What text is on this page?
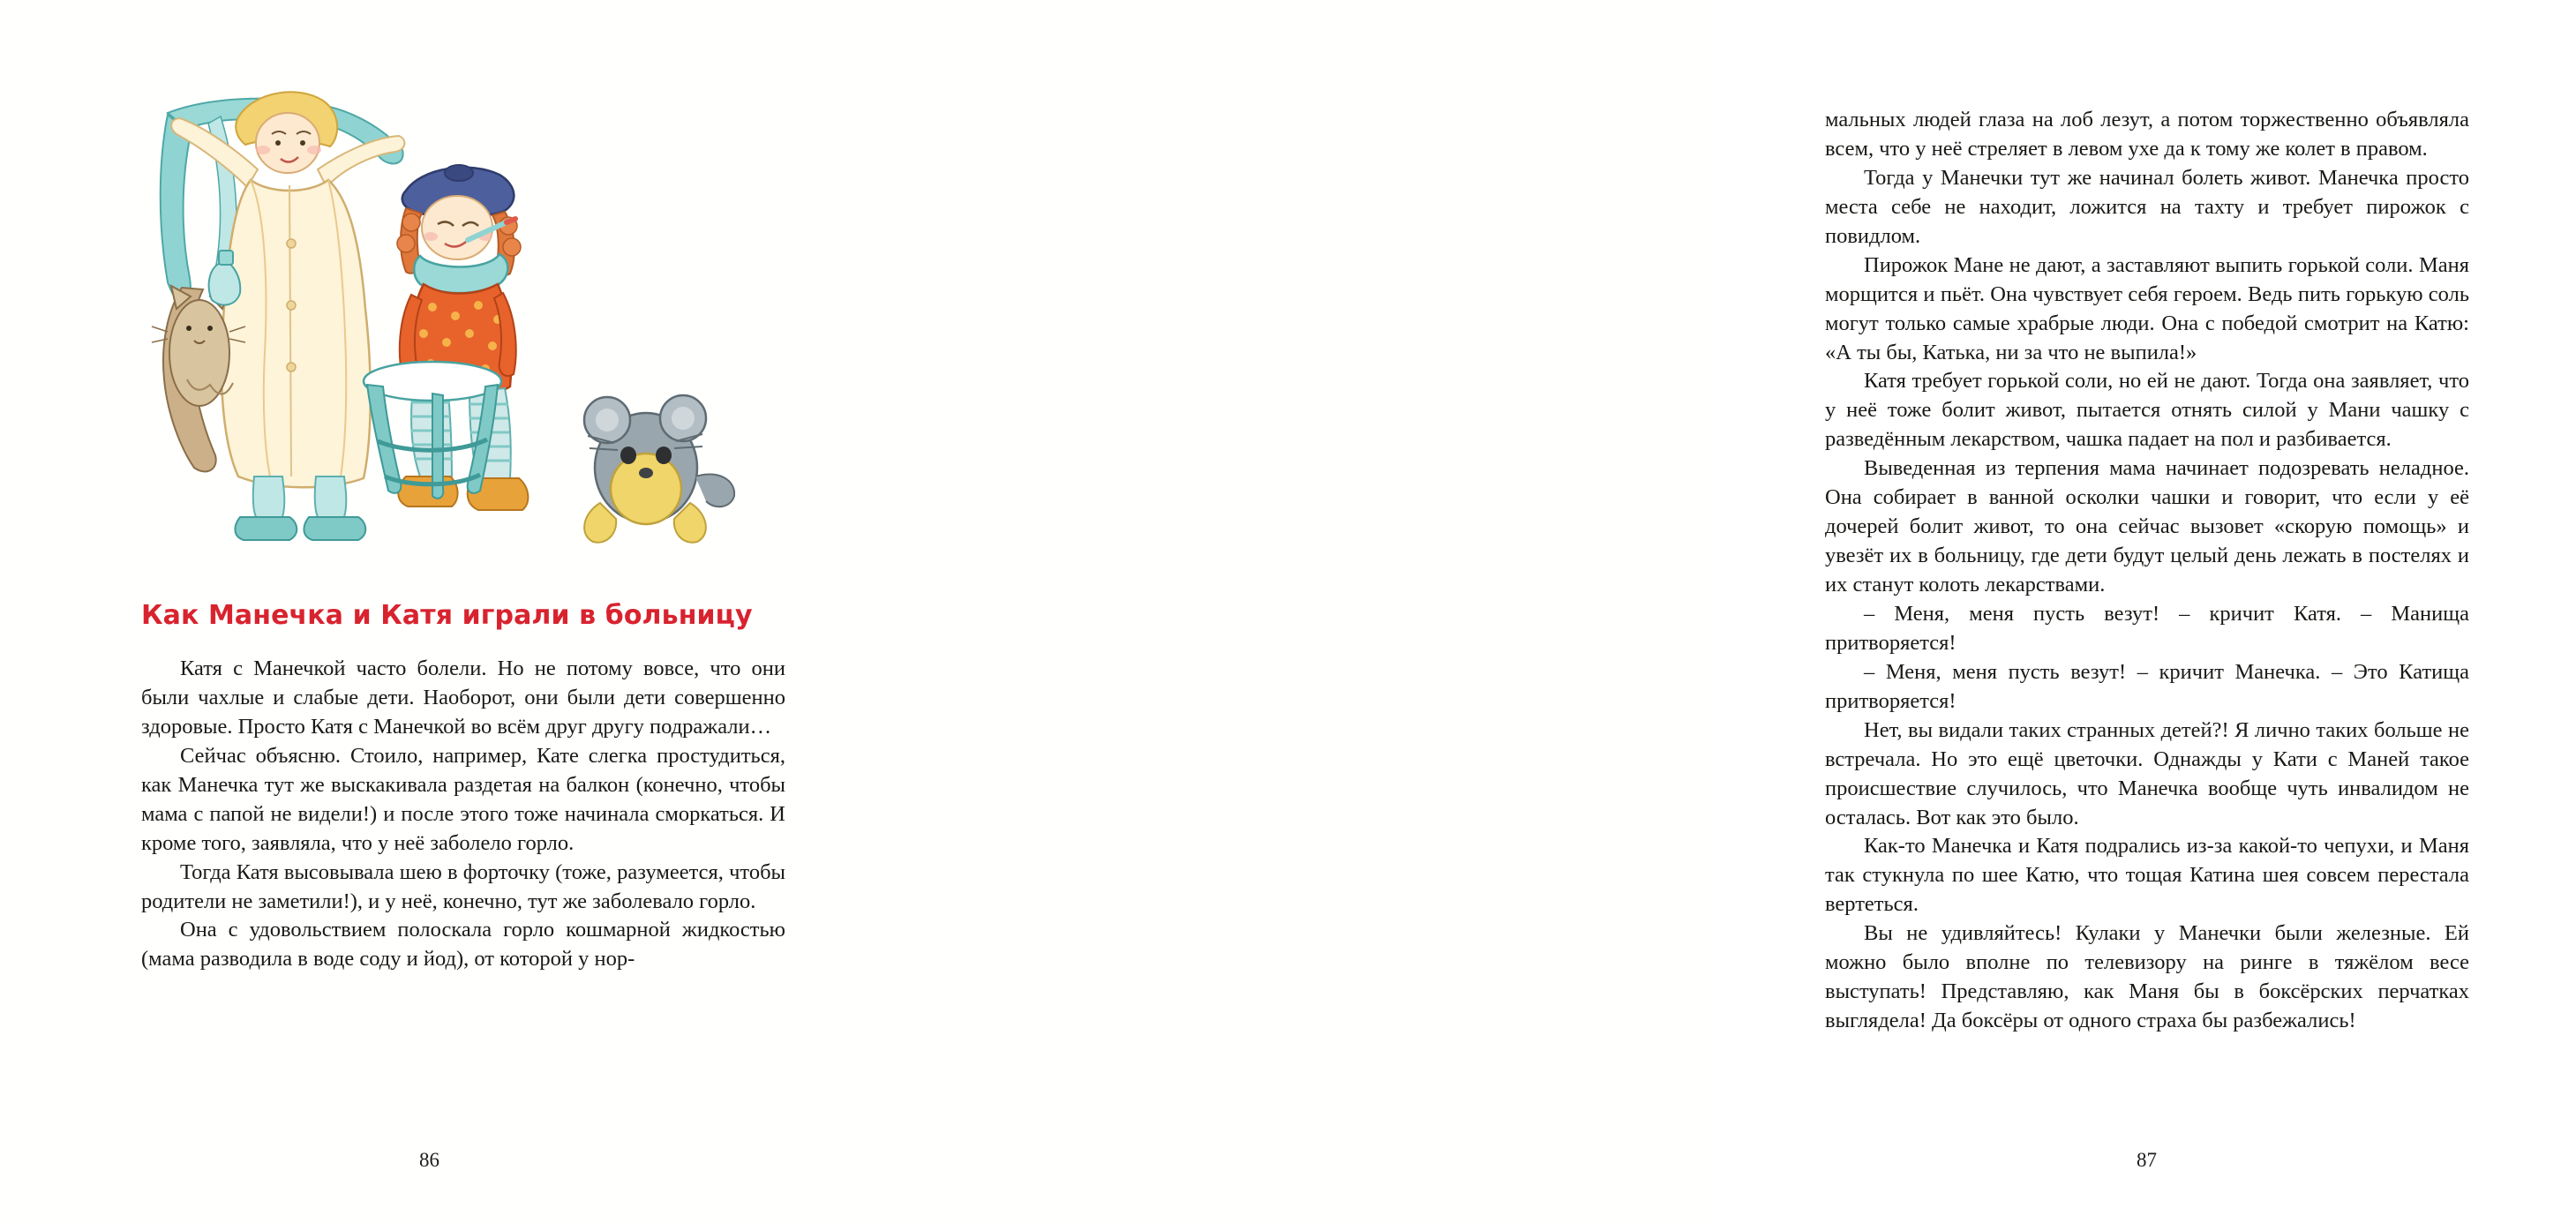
Как Манечка и Катя играли в больницу

Катя с Манечкой часто болели. Но не потому вовсе, что они были чахлые и слабые дети. Наоборот, они были дети совершенно здоровые. Просто Катя с Манечкой во всём друг другу подражали…

Сейчас объясню. Стоило, например, Кате слегка простудиться, как Манечка тут же выскакивала раздетая на балкон (конечно, чтобы мама с папой не видели!) и после этого тоже начинала сморкаться. И кроме того, заявляла, что у неё заболело горло.

Тогда Катя высовывала шею в форточку (тоже, разумеется, чтобы родители не заметили!), и у неё, конечно, тут же заболевало горло.

Она с удовольствием полоскала горло кошмарной жидкостью (мама разводила в воде соду и йод), от которой у нор-

86

мальных людей глаза на лоб лезут, а потом торжественно объявляла всем, что у неё стреляет в левом ухе да к тому же колет в правом.

Тогда у Манечки тут же начинал болеть живот. Манечка просто места себе не находит, ложится на тахту и требует пирожок с повидлом.

Пирожок Мане не дают, а заставляют выпить горькой соли. Маня морщится и пьёт. Она чувствует себя героем. Ведь пить горькую соль могут только самые храбрые люди. Она с победой смотрит на Катю: «А ты бы, Катька, ни за что не выпила!»

Катя требует горькой соли, но ей не дают. Тогда она заявляет, что у неё тоже болит живот, пытается отнять силой у Мани чашку с разведённым лекарством, чашка падает на пол и разбивается.

Выведенная из терпения мама начинает подозревать неладное. Она собирает в ванной осколки чашки и говорит, что если у её дочерей болит живот, то она сейчас вызовет «скорую помощь» и увезёт их в больницу, где дети будут целый день лежать в постелях и их станут колоть лекарствами.

– Меня, меня пусть везут! – кричит Катя. – Манища притворяется!

– Меня, меня пусть везут! – кричит Манечка. – Это Катища притворяется!

Нет, вы видали таких странных детей?! Я лично таких больше не встречала. Но это ещё цветочки. Однажды у Кати с Маней такое происшествие случилось, что Манечка вообще чуть инвалидом не осталась. Вот как это было.

Как-то Манечка и Катя подрались из-за какой-то чепухи, и Маня так стукнула по шее Катю, что тощая Катина шея совсем перестала вертеться.

Вы не удивляйтесь! Кулаки у Манечки были железные. Ей можно было вполне по телевизору на ринге в тяжёлом весе выступать! Представляю, как Маня бы в боксёрских перчатках выглядела! Да боксёры от одного страха бы разбежались!

87
